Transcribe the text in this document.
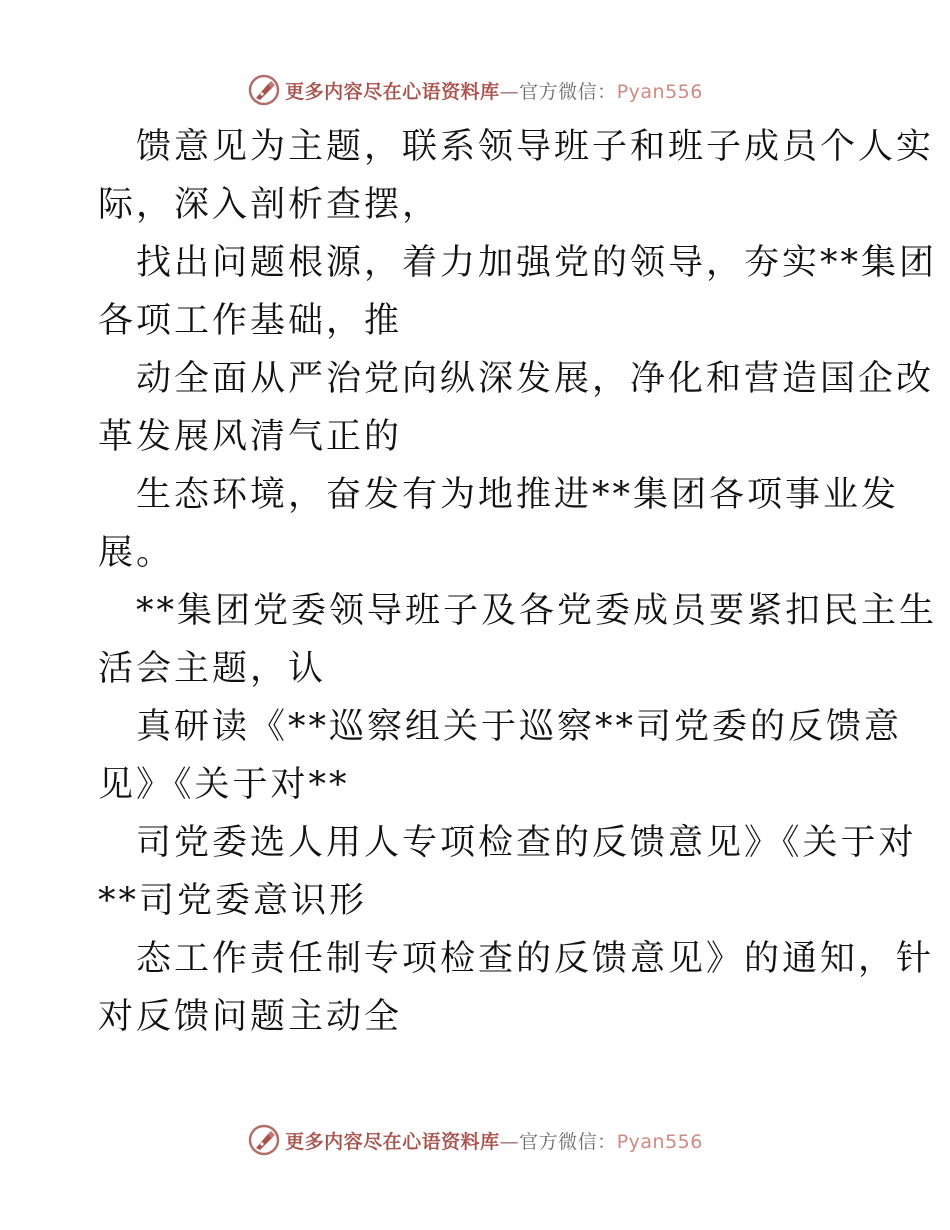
更多内容尽在心语资料库—官方微信：Pyan556
馈意见为主题，联系领导班子和班子成员个人实
际，深入剖析查摆，
找出问题根源，着力加强党的领导，夯实**集团
各项工作基础，推
动全面从严治党向纵深发展，净化和营造国企改
革发展风清气正的
生态环境，奋发有为地推进**集团各项事业发
展。
**集团党委领导班子及各党委成员要紧扣民主生
活会主题，认
真研读《**巡察组关于巡察**司党委的反馈意
见》《关于对**
司党委选人用人专项检查的反馈意见》《关于对
**司党委意识形
态工作责任制专项检查的反馈意见》的通知，针
对反馈问题主动全
更多内容尽在心语资料库—官方微信：Pyan556
